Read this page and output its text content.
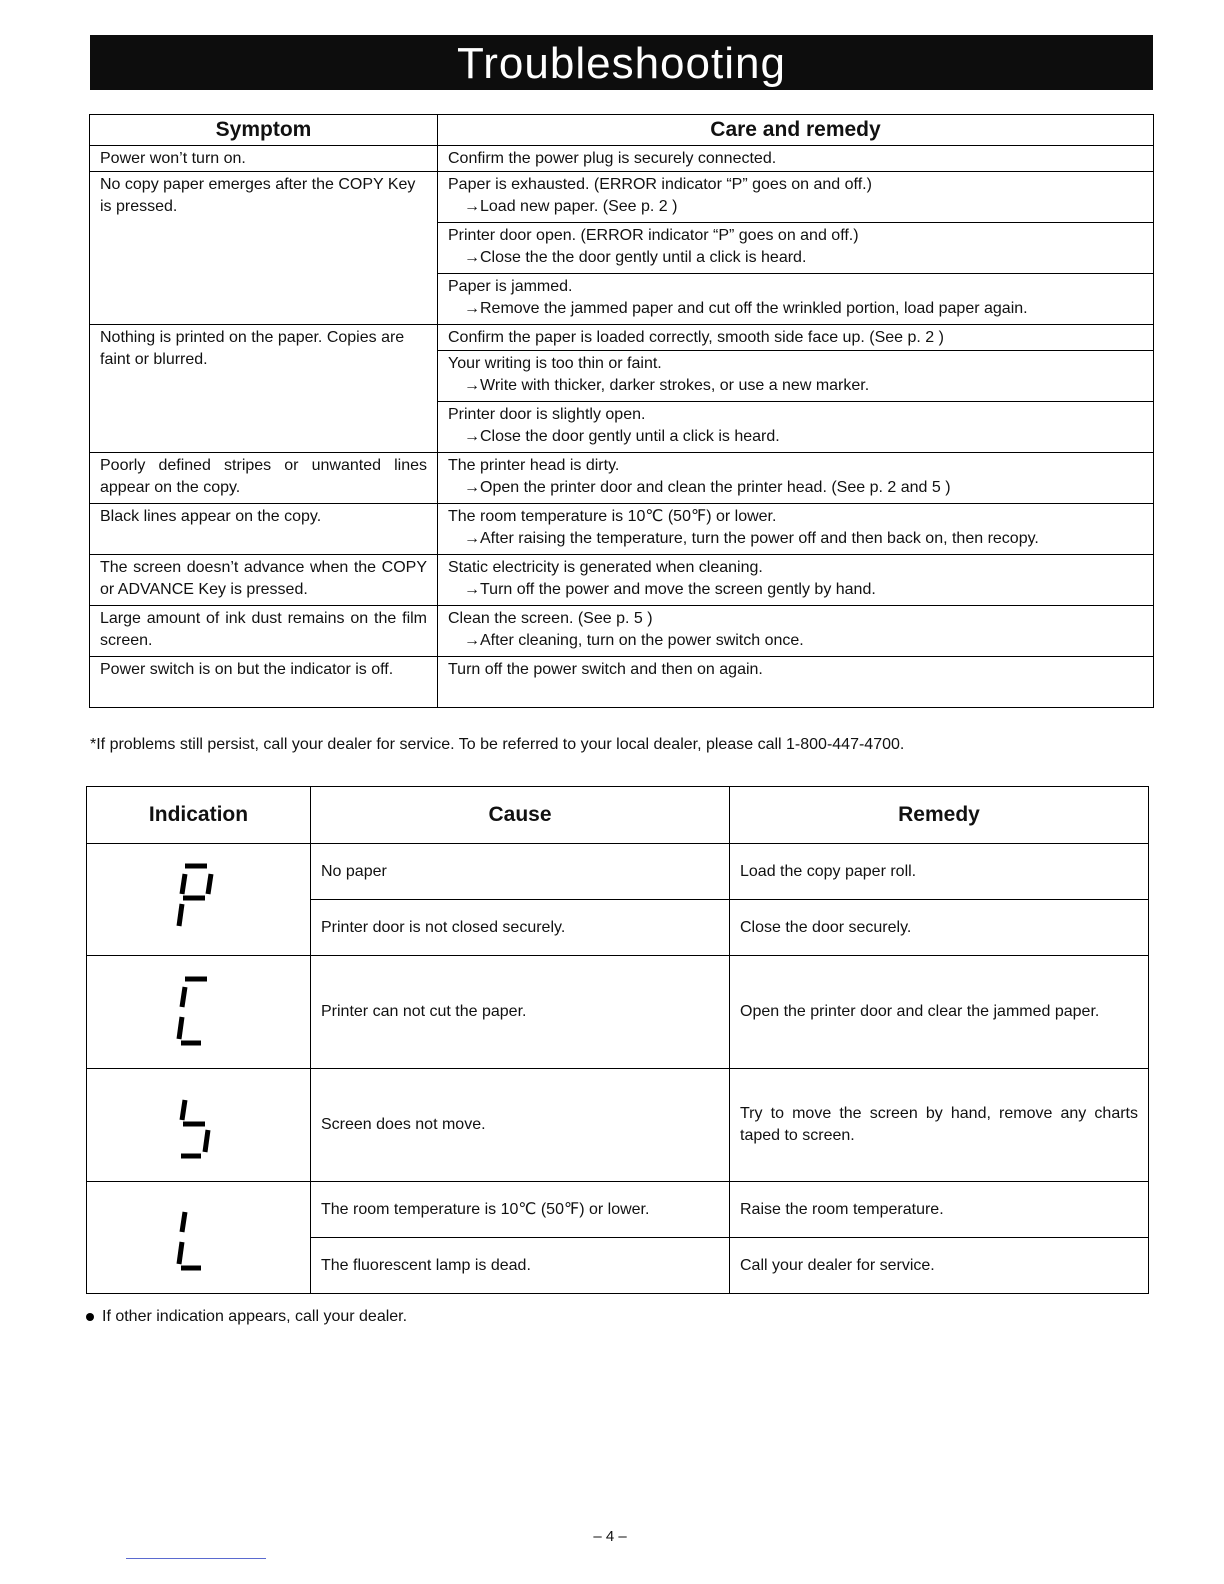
Troubleshooting
Symptom	Care and remedy
Power won’t turn on.	Confirm the power plug is securely connected.
No copy paper emerges after the COPY Key is pressed.	Paper is exhausted. (ERROR indicator “P” goes on and off.)
→Load new paper. (See p. 2 )

	Printer door open. (ERROR indicator “P” goes on and off.)
→Close the the door gently until a click is heard.

	Paper is jammed.
→Remove the jammed paper and cut off the wrinkled portion, load paper again.

Nothing is printed on the paper. Copies are faint or blurred.	Confirm the paper is loaded correctly, smooth side face up. (See p. 2 )
	Your writing is too thin or faint.
→Write with thicker, darker strokes, or use a new marker.

	Printer door is slightly open.
→Close the door gently until a click is heard.

Poorly defined stripes or unwanted lines appear on the copy.	The printer head is dirty.
→Open the printer door and clean the printer head. (See p. 2 and 5 )

Black lines appear on the copy.	The room temperature is 10℃ (50℉) or lower.
→After raising the temperature, turn the power off and then back on, then recopy.

The screen doesn’t advance when the COPY or ADVANCE Key is pressed.	Static electricity is generated when cleaning.
→Turn off the power and move the screen gently by hand.

Large amount of ink dust remains on the film screen.	Clean the screen. (See p. 5 )
→After cleaning, turn on the power switch once.

Power switch is on but the indicator is off.	Turn off the power switch and then on again.
*If problems still persist, call your dealer for service. To be referred to your local dealer, please call 1-800-447-4700.
Indication	Cause	Remedy
	No paper	Load the copy paper roll.
	Printer door is not closed securely.	Close the door securely.
	Printer can not cut the paper.	Open the printer door and clear the jammed paper.
	Screen does not move.	Try to move the screen by hand, remove any charts taped to screen.
	The room temperature is 10℃ (50℉) or lower.	Raise the room temperature.
	The fluorescent lamp is dead.	Call your dealer for service.
If other indication appears, call your dealer.
– 4 –
